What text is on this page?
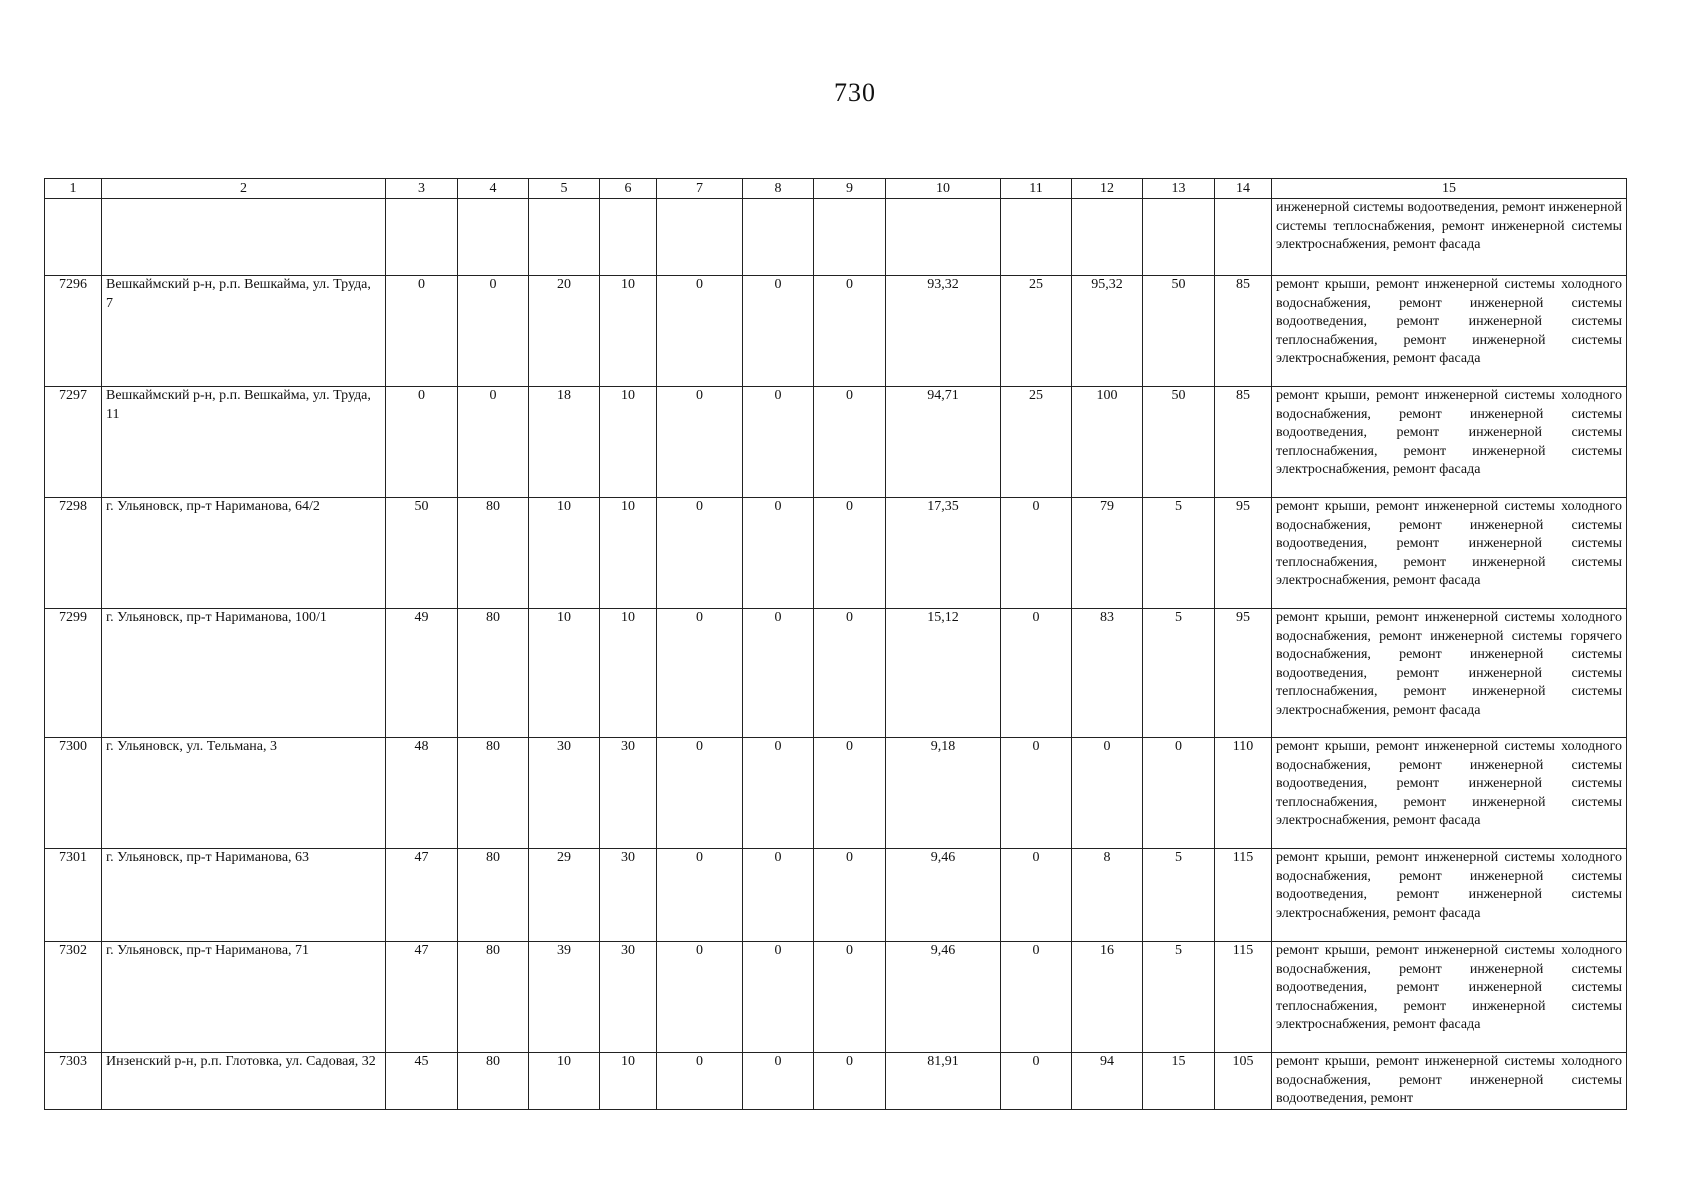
730
1	2	3	4	5	6	7	8	9	10	11	12	13	14	15
														инженерной системы водоотведения, ремонт инженерной системы теплоснабжения, ремонт инженерной системы электроснабжения, ремонт фасада
7296	Вешкаймский р-н, р.п. Вешкайма, ул. Труда, 7	0	0	20	10	0	0	0	93,32	25	95,32	50	85	ремонт крыши, ремонт инженерной системы холодного водоснабжения, ремонт инженерной системы водоотведения, ремонт инженерной системы теплоснабжения, ремонт инженерной системы электроснабжения, ремонт фасада
7297	Вешкаймский р-н, р.п. Вешкайма, ул. Труда, 11	0	0	18	10	0	0	0	94,71	25	100	50	85	ремонт крыши, ремонт инженерной системы холодного водоснабжения, ремонт инженерной системы водоотведения, ремонт инженерной системы теплоснабжения, ремонт инженерной системы электроснабжения, ремонт фасада
7298	г. Ульяновск, пр-т Нариманова, 64/2	50	80	10	10	0	0	0	17,35	0	79	5	95	ремонт крыши, ремонт инженерной системы холодного водоснабжения, ремонт инженерной системы водоотведения, ремонт инженерной системы теплоснабжения, ремонт инженерной системы электроснабжения, ремонт фасада
7299	г. Ульяновск, пр-т Нариманова, 100/1	49	80	10	10	0	0	0	15,12	0	83	5	95	ремонт крыши, ремонт инженерной системы холодного водоснабжения, ремонт инженерной системы горячего водоснабжения, ремонт инженерной системы водоотведения, ремонт инженерной системы теплоснабжения, ремонт инженерной системы электроснабжения, ремонт фасада
7300	г. Ульяновск, ул. Тельмана, 3	48	80	30	30	0	0	0	9,18	0	0	0	110	ремонт крыши, ремонт инженерной системы холодного водоснабжения, ремонт инженерной системы водоотведения, ремонт инженерной системы теплоснабжения, ремонт инженерной системы электроснабжения, ремонт фасада
7301	г. Ульяновск, пр-т Нариманова, 63	47	80	29	30	0	0	0	9,46	0	8	5	115	ремонт крыши, ремонт инженерной системы холодного водоснабжения, ремонт инженерной системы водоотведения, ремонт инженерной системы электроснабжения, ремонт фасада
7302	г. Ульяновск, пр-т Нариманова, 71	47	80	39	30	0	0	0	9,46	0	16	5	115	ремонт крыши, ремонт инженерной системы холодного водоснабжения, ремонт инженерной системы водоотведения, ремонт инженерной системы теплоснабжения, ремонт инженерной системы электроснабжения, ремонт фасада
7303	Инзенский р-н, р.п. Глотовка, ул. Садовая, 32	45	80	10	10	0	0	0	81,91	0	94	15	105	ремонт крыши, ремонт инженерной системы холодного водоснабжения, ремонт инженерной системы водоотведения, ремонт
